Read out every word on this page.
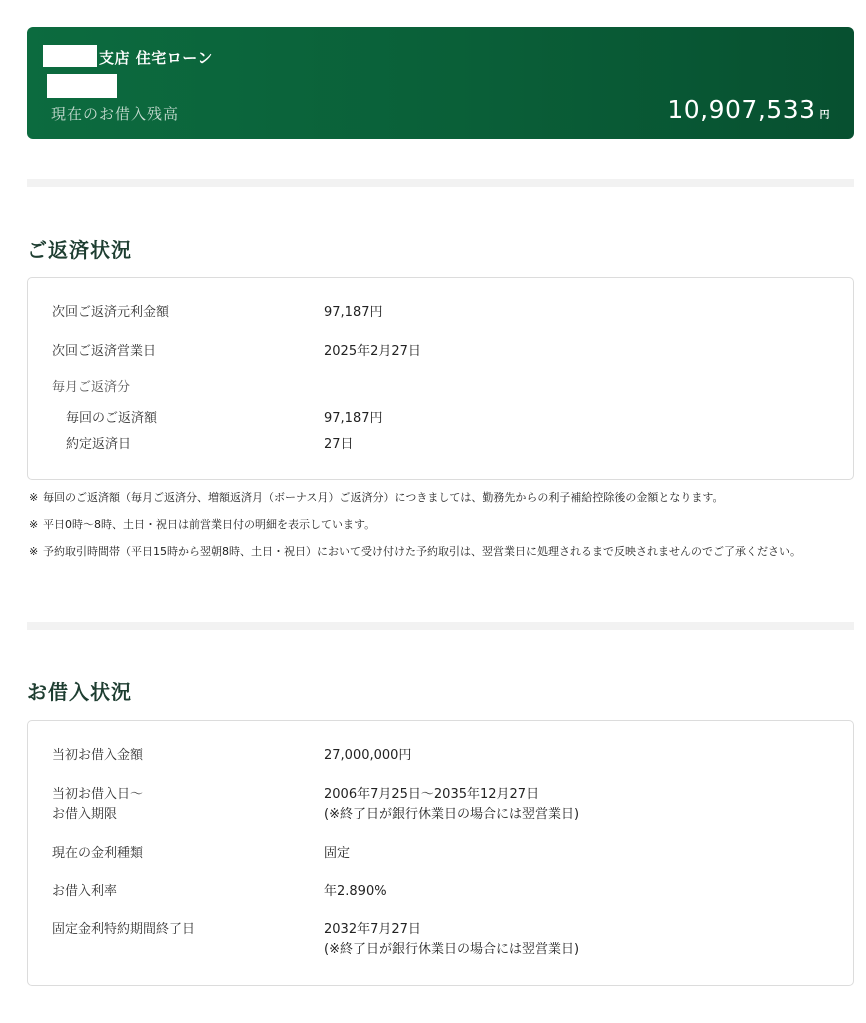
支店 住宅ローン
現在のお借入残高	10,907,533 円
ご返済状況
次回ご返済元利金額	97,187円
次回ご返済営業日	2025年2月27日
毎月ご返済分
毎回のご返済額	97,187円
約定返済日	27日
※ 毎回のご返済額（毎月ご返済分、増額返済月（ボーナス月）ご返済分）につきましては、勤務先からの利子補給控除後の金額となります。
※ 平日0時～8時、土日・祝日は前営業日付の明細を表示しています。
※ 予約取引時間帯（平日15時から翌朝8時、土日・祝日）において受け付けた予約取引は、翌営業日に処理されるまで反映されませんのでご了承ください。
お借入状況
当初お借入金額	27,000,000円
当初お借入日～	2006年7月25日～2035年12月27日
お借入期限	(※終了日が銀行休業日の場合には翌営業日)
現在の金利種類	固定
お借入利率	年2.890%
固定金利特約期間終了日	2032年7月27日
(※終了日が銀行休業日の場合には翌営業日)
